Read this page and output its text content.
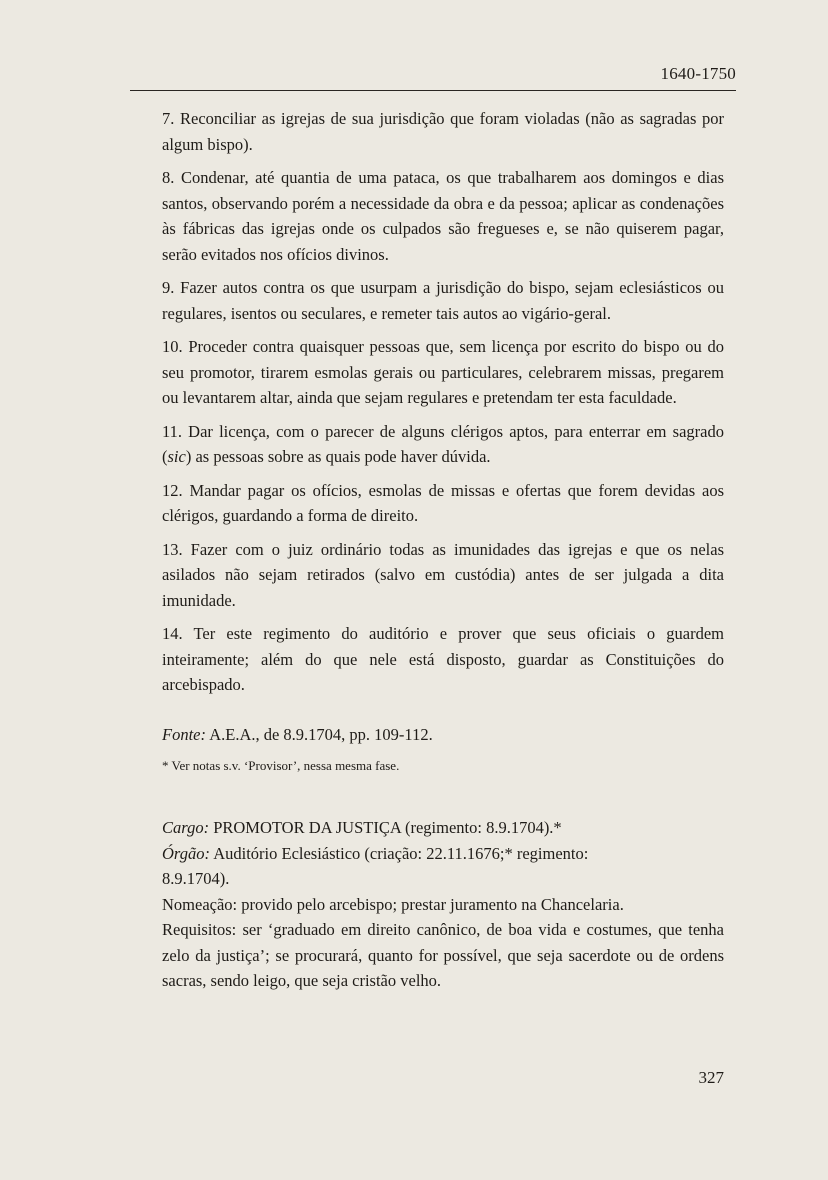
1640-1750

7. Reconciliar as igrejas de sua jurisdição que foram violadas (não as sagradas por algum bispo).

8. Condenar, até quantia de uma pataca, os que trabalharem aos domingos e dias santos, observando porém a necessidade da obra e da pessoa; aplicar as condenações às fábricas das igrejas onde os culpados são fregueses e, se não quiserem pagar, serão evitados nos ofícios divinos.

9. Fazer autos contra os que usurpam a jurisdição do bispo, sejam eclesiásticos ou regulares, isentos ou seculares, e remeter tais autos ao vigário-geral.

10. Proceder contra quaisquer pessoas que, sem licença por escrito do bispo ou do seu promotor, tirarem esmolas gerais ou particulares, celebrarem missas, pregarem ou levantarem altar, ainda que sejam regulares e pretendam ter esta faculdade.

11. Dar licença, com o parecer de alguns clérigos aptos, para enterrar em sagrado (sic) as pessoas sobre as quais pode haver dúvida.

12. Mandar pagar os ofícios, esmolas de missas e ofertas que forem devidas aos clérigos, guardando a forma de direito.

13. Fazer com o juiz ordinário todas as imunidades das igrejas e que os nelas asilados não sejam retirados (salvo em custódia) antes de ser julgada a dita imunidade.

14. Ter este regimento do auditório e prover que seus oficiais o guardem inteiramente; além do que nele está disposto, guardar as Constituições do arcebispado.

Fonte: A.E.A., de 8.9.1704, pp. 109-112.
* Ver notas s.v. ‘Provisor’, nessa mesma fase.

Cargo: PROMOTOR DA JUSTIÇA (regimento: 8.9.1704).*

Órgão: Auditório Eclesiástico (criação: 22.11.1676;* regimento:

8.9.1704).

Nomeação: provido pelo arcebispo; prestar juramento na Chancelaria.

Requisitos: ser ‘graduado em direito canônico, de boa vida e costumes, que tenha zelo da justiça’; se procurará, quanto for possível, que seja sacerdote ou de ordens sacras, sendo leigo, que seja cristão velho.

327
